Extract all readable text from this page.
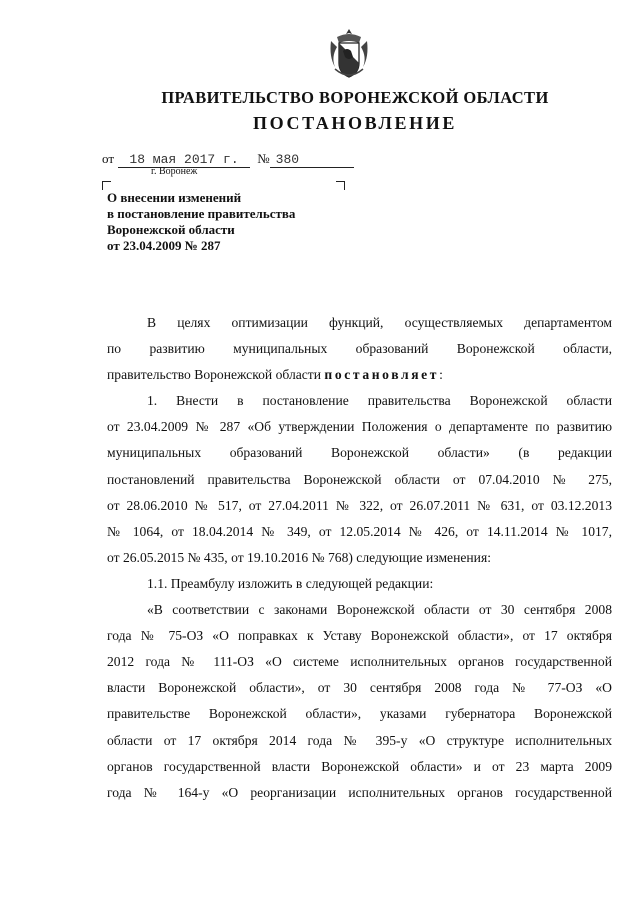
ПРАВИТЕЛЬСТВО ВОРОНЕЖСКОЙ ОБЛАСТИ
ПОСТАНОВЛЕНИЕ
от 18 мая 2017 г. № 380
г. Воронеж
О внесении изменений
в постановление правительства
Воронежской области
от 23.04.2009 № 287
В целях оптимизации функций, осуществляемых департаментом
по развитию муниципальных образований Воронежской области,
правительство Воронежской области постановляет:
1. Внести в постановление правительства Воронежской области
от 23.04.2009 № 287 «Об утверждении Положения о департаменте по развитию
муниципальных образований Воронежской области» (в редакции
постановлений правительства Воронежской области от 07.04.2010 № 275,
от 28.06.2010 № 517, от 27.04.2011 № 322, от 26.07.2011 № 631, от 03.12.2013
№ 1064, от 18.04.2014 № 349, от 12.05.2014 № 426, от 14.11.2014 № 1017,
от 26.05.2015 № 435, от 19.10.2016 № 768) следующие изменения:
1.1. Преамбулу изложить в следующей редакции:
«В соответствии с законами Воронежской области от 30 сентября 2008
года № 75-ОЗ «О поправках к Уставу Воронежской области», от 17 октября
2012 года № 111-ОЗ «О системе исполнительных органов государственной
власти Воронежской области», от 30 сентября 2008 года № 77-ОЗ «О
правительстве Воронежской области», указами губернатора Воронежской
области от 17 октября 2014 года № 395-у «О структуре исполнительных
органов государственной власти Воронежской области» и от 23 марта 2009
года № 164-у «О реорганизации исполнительных органов государственной
